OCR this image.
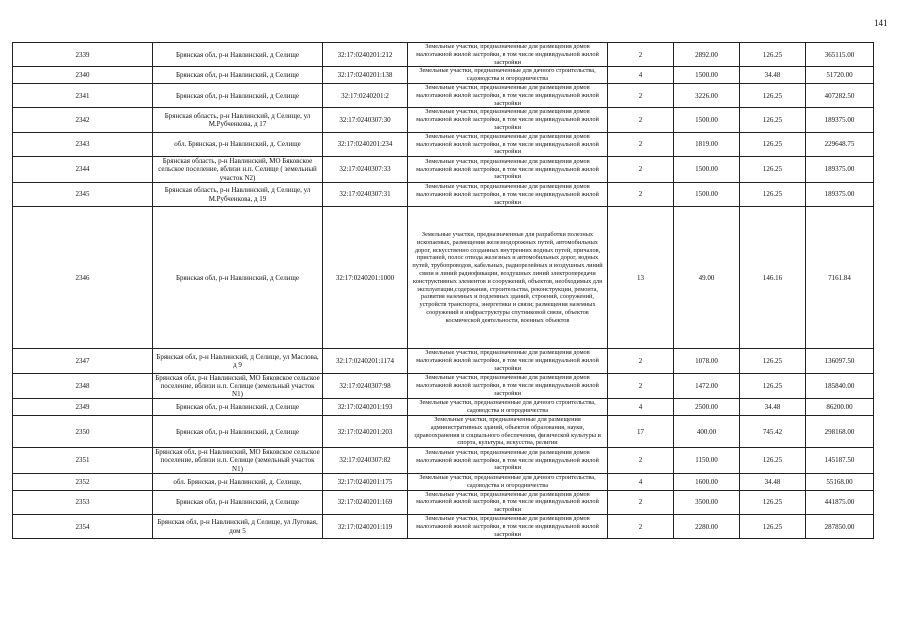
141
2339	Брянская обл, р-н Навлинский, д Селище	32:17:0240201:212	Земельные участки, предназначенные для размещения домов малоэтажной жилой застройки, в том числе индивидуальной жилой застройки	2	2892.00	126.25	365115.00
2340	Брянская обл, р-н Навлинский, д Селище	32:17:0240201:138	Земельные участки, предназначенные для дачного строительства, садоводства и огородничества	4	1500.00	34.48	51720.00
2341	Брянская обл, р-н Навлинский, д Селище	32:17:0240201:2	Земельные участки, предназначенные для размещения домов малоэтажной жилой застройки, в том числе индивидуальной жилой застройки	2	3226.00	126.25	407282.50
2342	Брянская область, р-н Навлинский, д Селище, ул М.Рубченкова, д 17	32:17:0240307:30	Земельные участки, предназначенные для размещения домов малоэтажной жилой застройки, в том числе индивидуальной жилой застройки	2	1500.00	126.25	189375.00
2343	обл. Брянская, р-н Навлинский, д. Селище	32:17:0240201:234	Земельные участки, предназначенные для размещения домов малоэтажной жилой застройки, в том числе индивидуальной жилой застройки	2	1819.00	126.25	229648.75
2344	Брянская область, р-н Навлинский, МО Бяковское сельское поселение, вблизи н.п. Селище ( земельный участок N2)	32:17:0240307:33	Земельные участки, предназначенные для размещения домов малоэтажной жилой застройки, в том числе индивидуальной жилой застройки	2	1500.00	126.25	189375.00
2345	Брянская область, р-н Навлинский, д Селище, ул М.Рубченкова, д 19	32:17:0240307:31	Земельные участки, предназначенные для размещения домов малоэтажной жилой застройки, в том числе индивидуальной жилой застройки	2	1500.00	126.25	189375.00
2346	Брянская обл, р-н Навлинский, д Селище	32:17:0240201:1000	Земельные участки, предназначенные для разработки полезных ископаемых, размещения железнодорожных путей, автомобильных дорог, искусственно созданных внутренних водных путей, причалов, пристаней, полос отвода железных и автомобильных дорог, водных путей, трубопроводов, кабельных, радиорелейных и воздушных линий связи и линий радиофикации, воздушных линий электропередачи конструктивных элементов и сооружений, объектов, необходимых для эксплуатации,содержания, строительства, реконструкции, ремонта, развития наземных и подземных зданий, строений, сооружений, устройств транспорта, энергетики и связи; размещения наземных сооружений и инфраструктуры спутниковой связи, объектов космической деятельности, военных объектов	13	49.00	146.16	7161.84
2347	Брянская обл, р-н Навлинский, д Селище, ул Маслова, д 9	32:17:0240201:1174	Земельные участки, предназначенные для размещения домов малоэтажной жилой застройки, в том числе индивидуальной жилой застройки	2	1078.00	126.25	136097.50
2348	Брянская обл, р-н Навлинский, МО Бяковское сельское поселение, вблизи н.п. Селище (земельный участок N1)	32:17:0240307:98	Земельные участки, предназначенные для размещения домов малоэтажной жилой застройки, в том числе индивидуальной жилой застройки	2	1472.00	126.25	185840.00
2349	Брянская обл, р-н Навлинский, д Селище	32:17:0240201:193	Земельные участки, предназначенные для дачного строительства, садоводства и огородничества	4	2500.00	34.48	86200.00
2350	Брянская обл, р-н Навлинский, д Селище	32:17:0240201:203	Земельные участки, предназначенные для размещения административных зданий, объектов образования, науки, здравоохранения и социального обеспечения, физической культуры и спорта, культуры, искусства, религии	17	400.00	745.42	298168.00
2351	Брянская обл, р-н Навлинский, МО Бяковское сельское поселение, вблизи н.п. Селище (земельный участок N1)	32:17:0240307:82	Земельные участки, предназначенные для размещения домов малоэтажной жилой застройки, в том числе индивидуальной жилой застройки	2	1150.00	126.25	145187.50
2352	обл. Брянская, р-н Навлинский, д. Селище,	32:17:0240201:175	Земельные участки, предназначенные для дачного строительства, садоводства и огородничества	4	1600.00	34.48	55168.00
2353	Брянская обл, р-н Навлинский, д Селище	32:17:0240201:169	Земельные участки, предназначенные для размещения домов малоэтажной жилой застройки, в том числе индивидуальной жилой застройки	2	3500.00	126.25	441875.00
2354	Брянская обл, р-н Навлинский, д Селище, ул Луговая, дом 5	32:17:0240201:119	Земельные участки, предназначенные для размещения домов малоэтажной жилой застройки, в том числе индивидуальной жилой застройки	2	2280.00	126.25	287850.00
